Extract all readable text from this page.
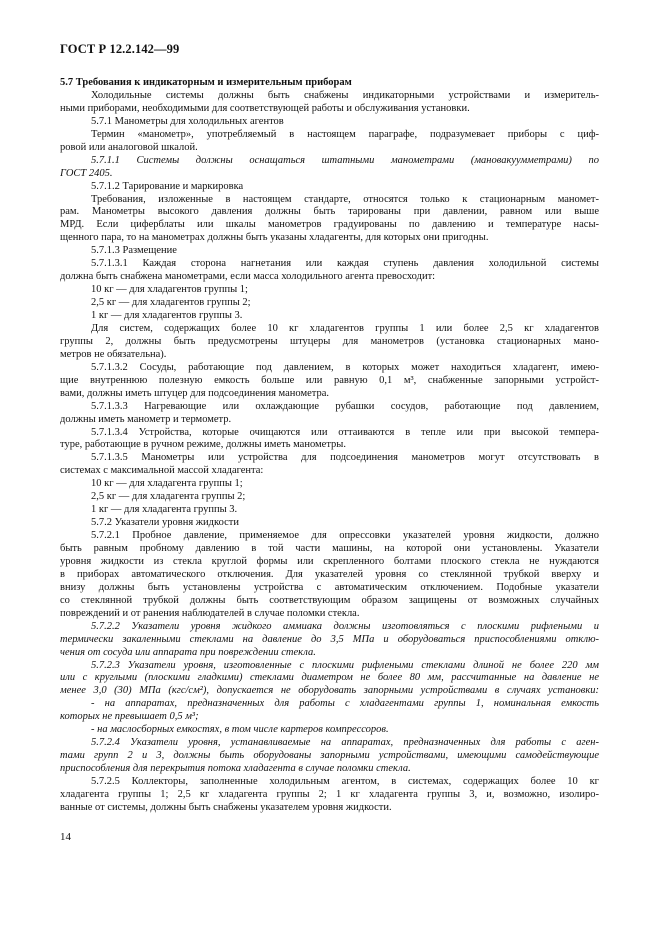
ГОСТ Р 12.2.142—99
5.7 Требования к индикаторным и измерительным приборам
Холодильные системы должны быть снабжены индикаторными устройствами и измеритель-
ными приборами, необходимыми для соответствующей работы и обслуживания установки.
5.7.1 Манометры для холодильных агентов
Термин «манометр», употребляемый в настоящем параграфе, подразумевает приборы с циф-
ровой или аналоговой шкалой.
5.7.1.1 Системы должны оснащаться штатными манометрами (мановакуумметрами) по
ГОСТ 2405.
5.7.1.2 Тарирование и маркировка
Требования, изложенные в настоящем стандарте, относятся только к стационарным маномет-
рам. Манометры высокого давления должны быть тарированы при давлении, равном или выше
МРД. Если циферблаты или шкалы манометров градуированы по давлению и температуре насы-
щенного пара, то на манометрах должны быть указаны хладагенты, для которых они пригодны.
5.7.1.3 Размещение
5.7.1.3.1 Каждая сторона нагнетания или каждая ступень давления холодильной системы
должна быть снабжена манометрами, если масса холодильного агента превосходит:
10 кг — для хладагентов группы 1;
2,5 кг — для хладагентов группы 2;
1 кг — для хладагентов группы 3.
Для систем, содержащих более 10 кг хладагентов группы 1 или более 2,5 кг хладагентов
группы 2, должны быть предусмотрены штуцеры для манометров (установка стационарных мано-
метров не обязательна).
5.7.1.3.2 Сосуды, работающие под давлением, в которых может находиться хладагент, имею-
щие внутреннюю полезную емкость больше или равную 0,1 м³, снабженные запорными устройст-
вами, должны иметь штуцер для подсоединения манометра.
5.7.1.3.3 Нагревающие или охлаждающие рубашки сосудов, работающие под давлением,
должны иметь манометр и термометр.
5.7.1.3.4 Устройства, которые очищаются или оттаиваются в тепле или при высокой темпера-
туре, работающие в ручном режиме, должны иметь манометры.
5.7.1.3.5 Манометры или устройства для подсоединения манометров могут отсутствовать в
системах с максимальной массой хладагента:
10 кг — для хладагента группы 1;
2,5 кг — для хладагента группы 2;
1 кг — для хладагента группы 3.
5.7.2 Указатели уровня жидкости
5.7.2.1 Пробное давление, применяемое для опрессовки указателей уровня жидкости, должно
быть равным пробному давлению в той части машины, на которой они установлены. Указатели
уровня жидкости из стекла круглой формы или скрепленного болтами плоского стекла не нуждаются
в приборах автоматического отключения. Для указателей уровня со стеклянной трубкой вверху и
внизу должны быть установлены устройства с автоматическим отключением. Подобные указатели
со стеклянной трубкой должны быть соответствующим образом защищены от возможных случайных
повреждений и от ранения наблюдателей в случае поломки стекла.
5.7.2.2 Указатели уровня жидкого аммиака должны изготовляться с плоскими рифлеными и
термически закаленными стеклами на давление до 3,5 МПа и оборудоваться приспособлениями отклю-
чения от сосуда или аппарата при повреждении стекла.
5.7.2.3 Указатели уровня, изготовленные с плоскими рифлеными стеклами длиной не более 220 мм
или с круглыми (плоскими гладкими) стеклами диаметром не более 80 мм, рассчитанные на давление не
менее 3,0 (30) МПа (кгс/см²), допускается не оборудовать запорными устройствами в случаях установки:
- на аппаратах, предназначенных для работы с хладагентами группы 1, номинальная емкость
которых не превышает 0,5 м³;
- на маслосборных емкостях, в том числе картеров компрессоров.
5.7.2.4 Указатели уровня, устанавливаемые на аппаратах, предназначенных для работы с аген-
тами групп 2 и 3, должны быть оборудованы запорными устройствами, имеющими самодействующие
приспособления для перекрытия потока хладагента в случае поломки стекла.
5.7.2.5 Коллекторы, заполненные холодильным агентом, в системах, содержащих более 10 кг
хладагента группы 1; 2,5 кг хладагента группы 2; 1 кг хладагента группы 3, и, возможно, изолиро-
ванные от системы, должны быть снабжены указателем уровня жидкости.
14
